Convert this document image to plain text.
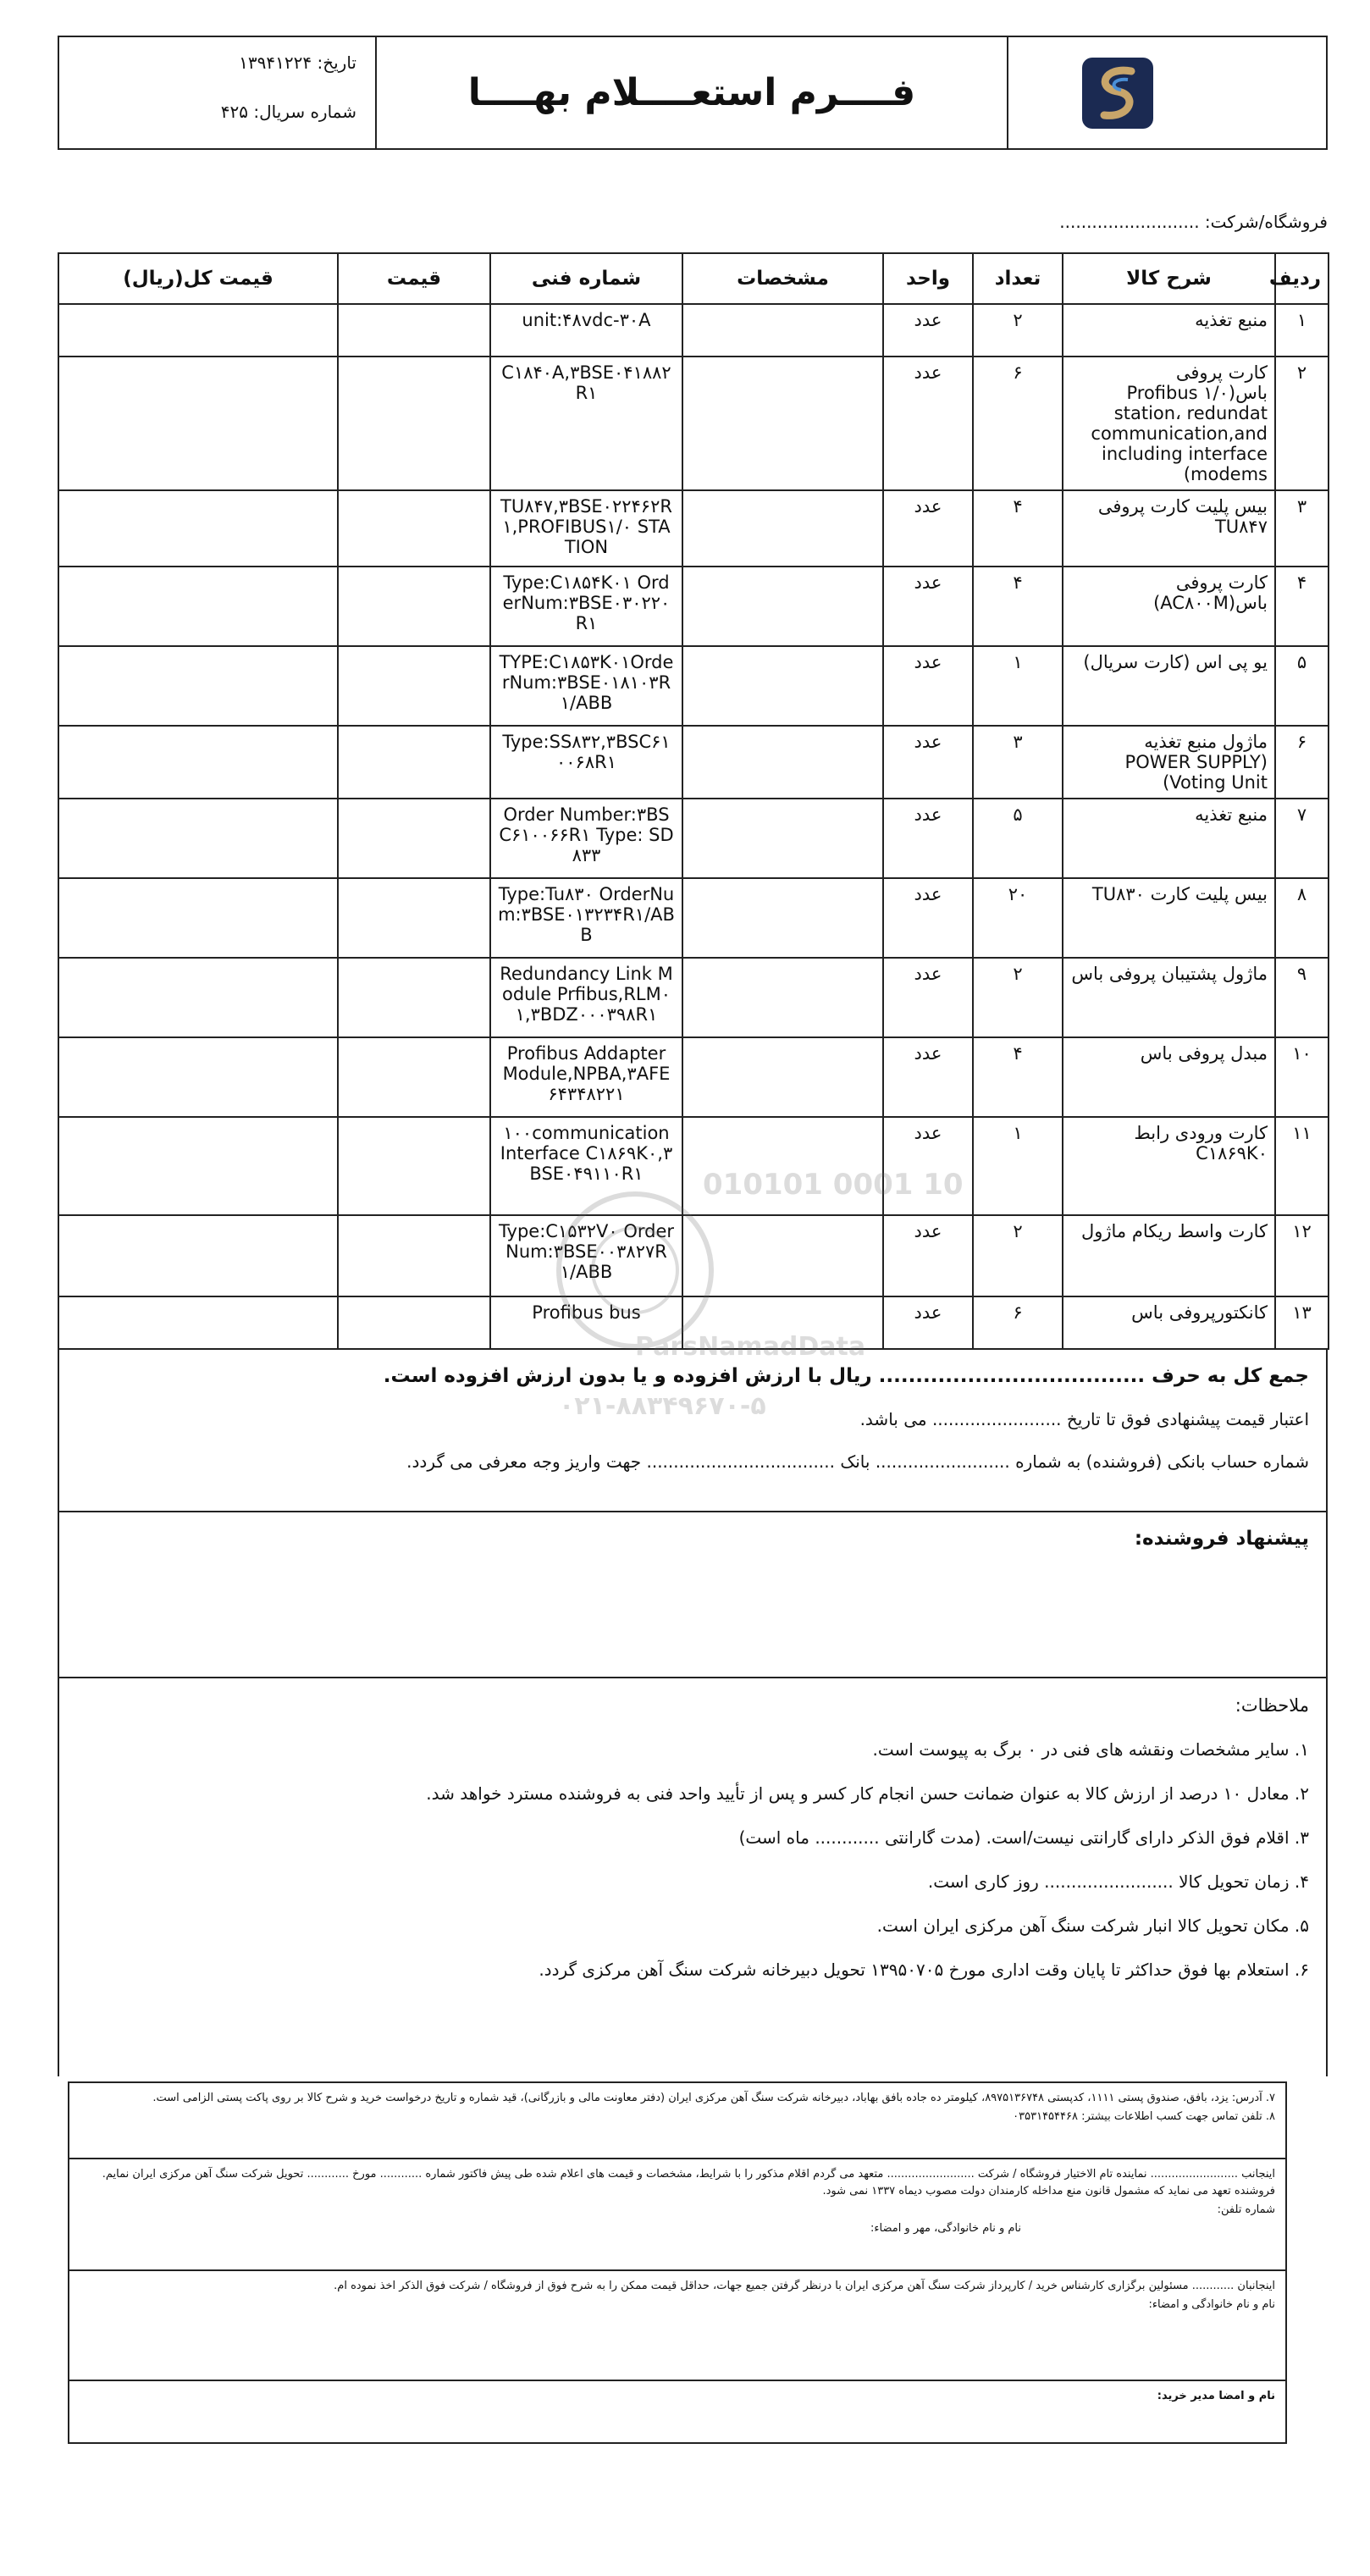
تاریخ: ۱۳۹۴۱۲۲۴
شماره سریال: ۴۲۵	فــــرم استعــــلام بهــــا
فروشگاه/شرکت: ..........................
ردیف	شرح کالا	تعداد	واحد	مشخصات	شماره فنی	قیمت	قیمت کل(ریال)
۱	منبع تغذیه	۲	عدد		unit:۴۸vdc-۳۰A		
۲	کارت پروفی باس(Profibus ۱/۰ station، redundat communication,and including interface modems)	۶	عدد		C۱۸۴۰A,۳BSE۰۴۱۸۸۲R۱		
۳	بیس پلیت کارت پروفی TU۸۴۷	۴	عدد		TU۸۴۷,۳BSE۰۲۲۴۶۲R۱,PROFIBUS۱/۰ STATION		
۴	کارت پروفی باس(AC۸۰۰M)	۴	عدد		Type:C۱۸۵۴K۰۱ OrderNum:۳BSE۰۳۰۲۲۰R۱		
۵	یو پی اس (کارت سریال)	۱	عدد		TYPE:C۱۸۵۳K۰۱OrderNum:۳BSE۰۱۸۱۰۳R۱/ABB		
۶	ماژول منبع تغذیه (POWER SUPPLY Voting Unit)	۳	عدد		Type:SS۸۳۲,۳BSC۶۱۰۰۶۸R۱		
۷	منبع تغذیه	۵	عدد		Order Number:۳BSC۶۱۰۰۶۶R۱ Type: SD۸۳۳		
۸	بیس پلیت کارت TU۸۳۰	۲۰	عدد		Type:Tu۸۳۰ OrderNum:۳BSE۰۱۳۲۳۴R۱/ABB		
۹	ماژول پشتیبان پروفی باس	۲	عدد		Redundancy Link Module Prfibus,RLM۰۱,۳BDZ۰۰۰۳۹۸R۱		
۱۰	مبدل پروفی باس	۴	عدد		Profibus Addapter Module,NPBA,۳AFE۶۴۳۴۸۲۲۱		
۱۱	کارت ورودی رابط C۱۸۶۹K۰	۱	عدد		۱۰۰communication Interface C۱۸۶۹K۰,۳BSE۰۴۹۱۱۰R۱		
۱۲	کارت واسط ریکام ماژول	۲	عدد		Type:C۱۵۳۲V۰ OrderNum:۳BSE۰۰۳۸۲۷R۱/ABB		
۱۳	کانکتورپروفی باس	۶	عدد		Profibus bus		
جمع کل به حرف .................................... ریال با ارزش افزوده و یا بدون ارزش افزوده است.
اعتبار قیمت پیشنهادی فوق تا تاریخ ........................ می باشد.
شماره حساب بانکی (فروشنده) به شماره ......................... بانک ................................... جهت واریز وجه معرفی می گردد.
پیشنهاد فروشنده:
ملاحظات:
۱. سایر مشخصات ونقشه های فنی در ۰ برگ به پیوست است.
۲. معادل ۱۰ درصد از ارزش کالا به عنوان ضمانت حسن انجام کار کسر و پس از تأیید واحد فنی به فروشنده مسترد خواهد شد.
۳. اقلام فوق الذکر دارای گارانتی نیست/است. (مدت گارانتی ............ ماه است)
۴. زمان تحویل کالا ........................ روز کاری است.
۵. مکان تحویل کالا انبار شرکت سنگ آهن مرکزی ایران است.
۶. استعلام بها فوق حداکثر تا پایان وقت اداری مورخ ۱۳۹۵۰۷۰۵ تحویل دبیرخانه شرکت سنگ آهن مرکزی گردد.

۷. آدرس: یزد، بافق، صندوق پستی ۱۱۱۱، کدپستی ۸۹۷۵۱۳۶۷۴۸، کیلومتر ده جاده بافق بهاباد، دبیرخانه شرکت سنگ آهن مرکزی ایران (دفتر معاونت مالی و بازرگانی)، قید شماره و تاریخ درخواست خرید و شرح کالا بر روی پاکت پستی الزامی است.

۸. تلفن تماس جهت کسب اطلاعات بیشتر: ۰۳۵۳۱۴۵۴۴۶۸

اینجانب ......................... نماینده تام الاختیار فروشگاه / شرکت ......................... متعهد می گردم اقلام مذکور را با شرایط، مشخصات و قیمت های اعلام شده طی پیش فاکتور شماره ............ مورخ ............ تحویل شرکت سنگ آهن مرکزی ایران نمایم. فروشنده تعهد می نماید که مشمول قانون منع مداخله کارمندان دولت مصوب دیماه ۱۳۳۷ نمی شود.

شماره تلفن:

نام و نام خانوادگی، مهر و امضاء:

اینجانبان ............ مسئولین برگزاری کارشناس خرید / کارپرداز شرکت سنگ آهن مرکزی ایران با درنظر گرفتن جمیع جهات، حداقل قیمت ممکن را به شرح فوق از فروشگاه / شرکت فوق الذکر اخذ نموده ام.

نام و نام خانوادگی و امضاء:

نام و امضا مدیر خرید:

010101 0001 10
ParsNamadData
۰۲۱-۸۸۳۴۹۶۷۰-۵
